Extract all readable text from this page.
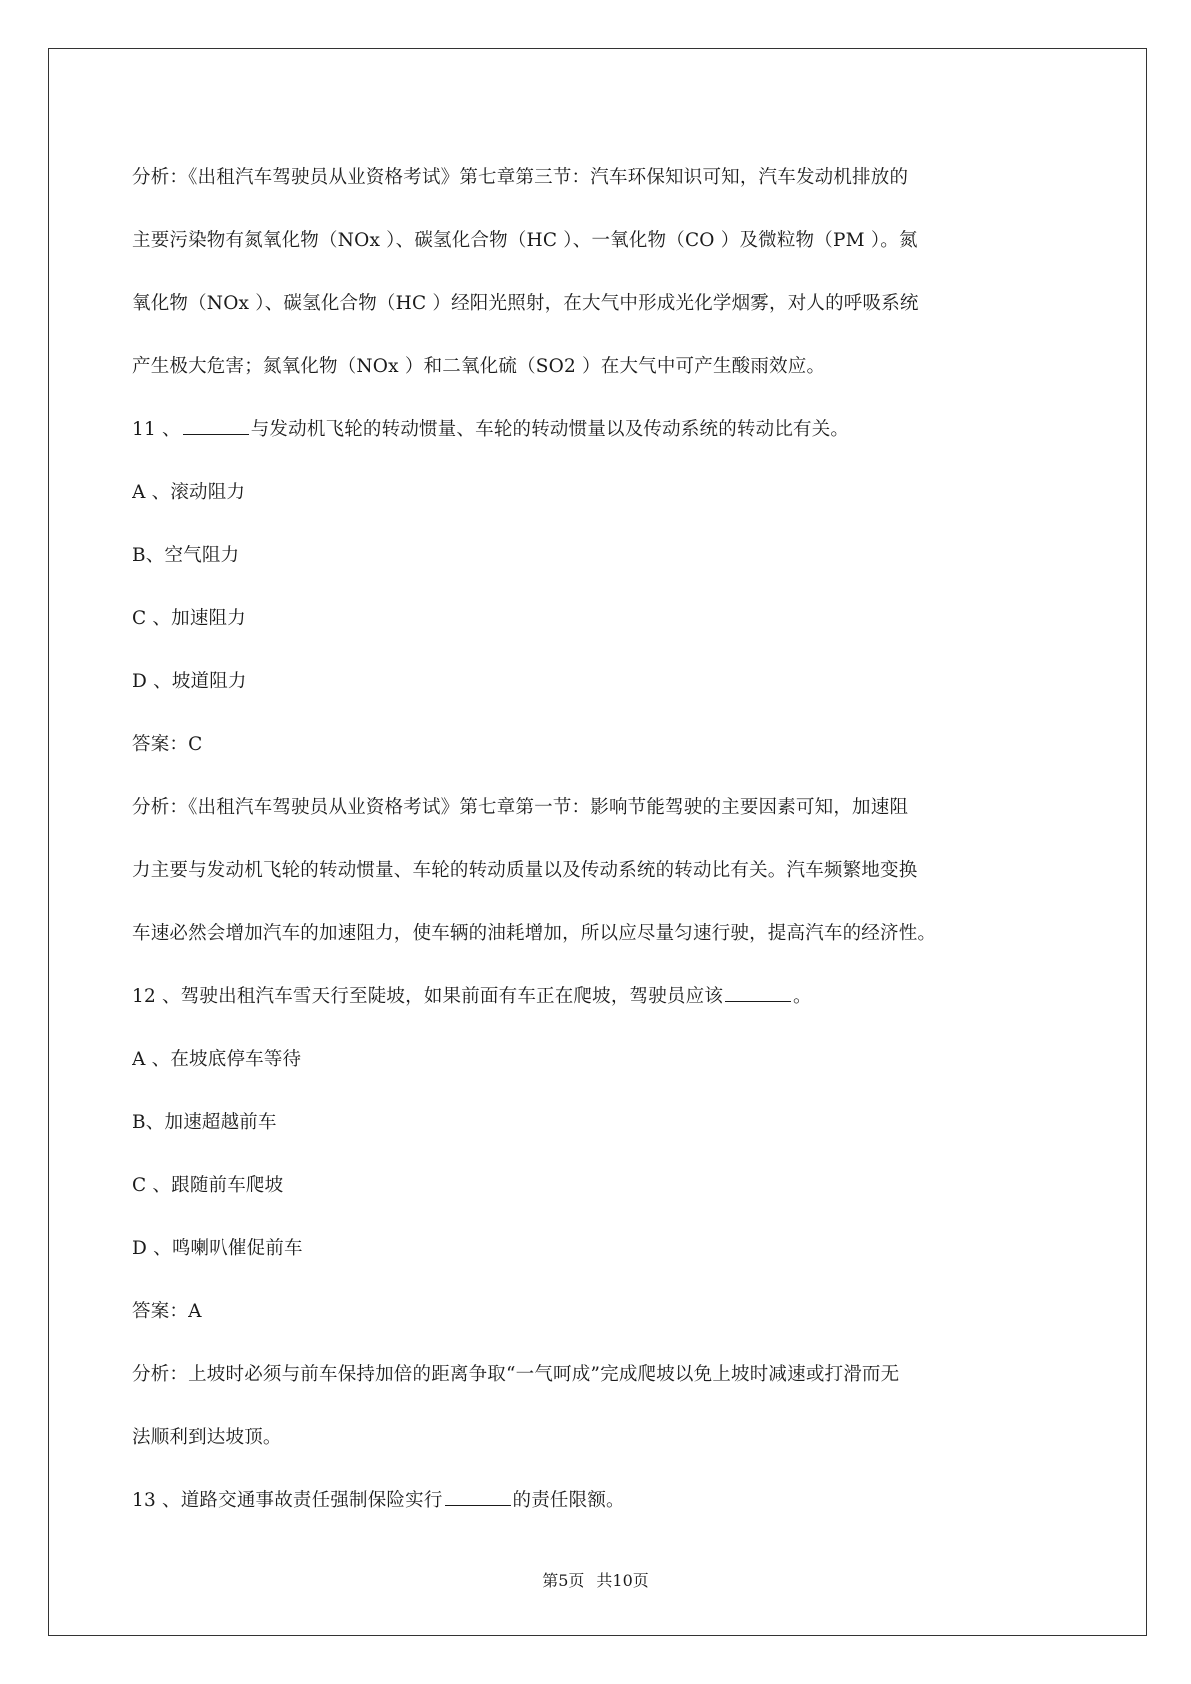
分析：《出租汽车驾驶员从业资格考试》第七章第三节：汽车环保知识可知，汽车发动机排放的
主要污染物有氮氧化物（NOx ）、碳氢化合物（HC ）、一氧化物（CO ）及微粒物（PM ）。氮
氧化物（NOx ）、碳氢化合物（HC ）经阳光照射，在大气中形成光化学烟雾，对人的呼吸系统
产生极大危害；氮氧化物（NOx ）和二氧化硫（SO2 ）在大气中可产生酸雨效应。
11 、	与发动机飞轮的转动惯量、车轮的转动惯量以及传动系统的转动比有关。
A 、滚动阻力
B、空气阻力
C 、加速阻力
D 、坡道阻力
答案：C
分析：《出租汽车驾驶员从业资格考试》第七章第一节：影响节能驾驶的主要因素可知，加速阻
力主要与发动机飞轮的转动惯量、车轮的转动质量以及传动系统的转动比有关。汽车频繁地变换
车速必然会增加汽车的加速阻力，使车辆的油耗增加，所以应尽量匀速行驶，提高汽车的经济性。
12 、驾驶出租汽车雪天行至陡坡，如果前面有车正在爬坡，驾驶员应该	。
A 、在坡底停车等待
B、加速超越前车
C 、跟随前车爬坡
D 、鸣喇叭催促前车
答案：A
分析：上坡时必须与前车保持加倍的距离争取“一气呵成”完成爬坡以免上坡时减速或打滑而无
法顺利到达坡顶。
13 、道路交通事故责任强制保险实行	的责任限额。
第5页 共10页
